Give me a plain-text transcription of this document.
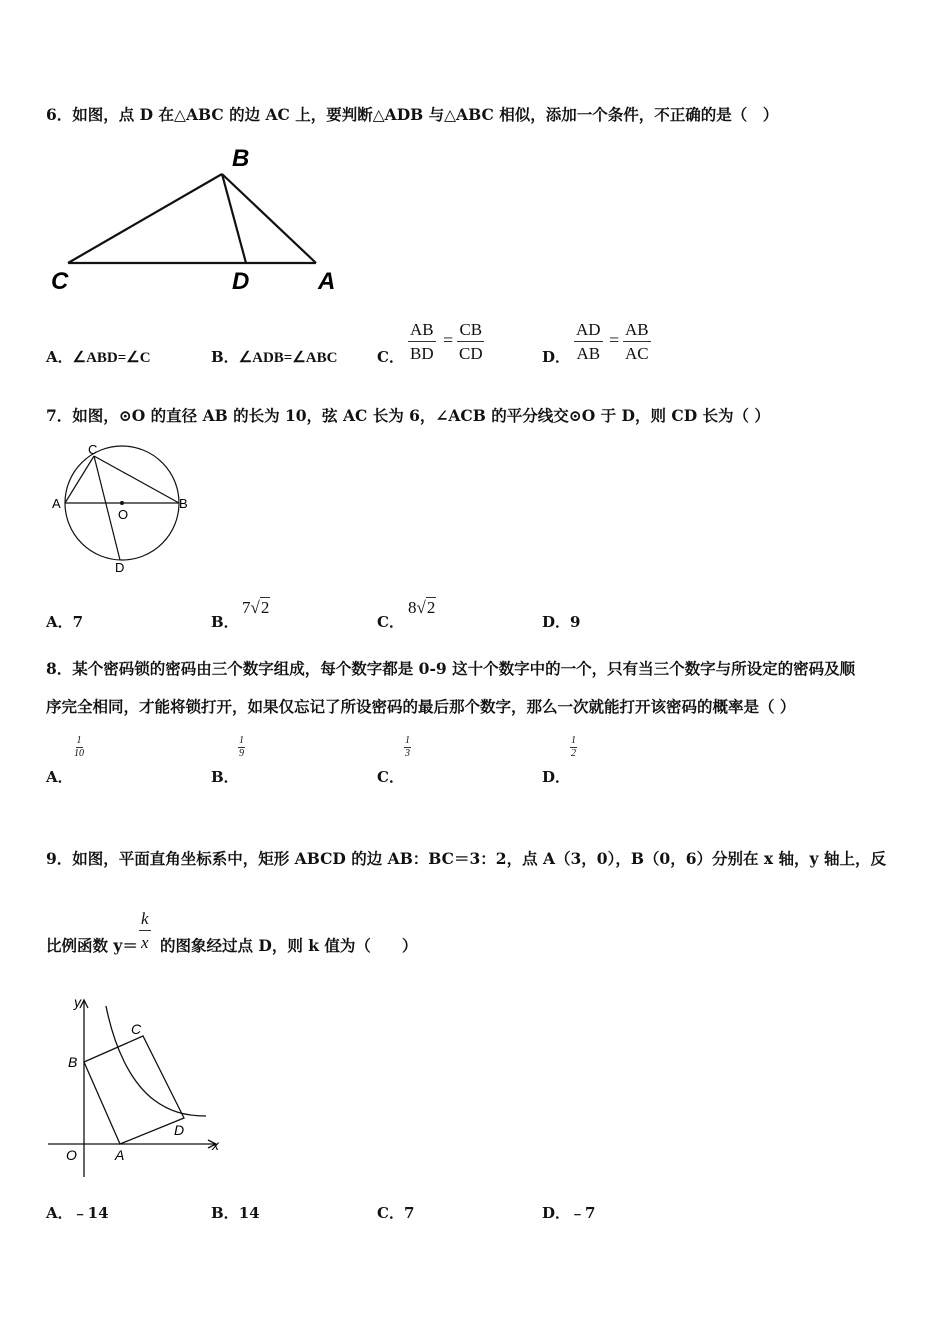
6．如图，点 D 在△ABC 的边 AC 上，要判断△ADB 与△ABC 相似，添加一个条件，不正确的是（　）
B
C	D	A
A．∠ABD=∠C	B．∠ADB=∠ABC	C． $\frac{AB}{BD} = \frac{CB}{CD}$	D． $\frac{AD}{AB} = \frac{AB}{AC}$
7．如图，⊙O 的直径 AB 的长为 10，弦 AC 长为 6，∠ACB 的平分线交⊙O 于 D，则 CD 长为（ ）
C
A
O
B
D
A．7	B．
7√2
C．
8√2
D．9
8．某个密码锁的密码由三个数字组成，每个数字都是 0-9 这十个数字中的一个，只有当三个数字与所设定的密码及顺
序完全相同，才能将锁打开，如果仅忘记了所设密码的最后那个数字，那么一次就能打开该密码的概率是（ ）
A．
$\frac{1}{10}$
B．
$\frac{1}{9}$
C．
$\frac{1}{3}$
D．
$\frac{1}{2}$
9．如图，平面直角坐标系中，矩形 ABCD 的边 AB：BC＝3：2，点 A（3，0），B（0，6）分别在 x 轴，y 轴上，反
比例函数 $y= \frac{k}{x}$ 的图象经过点 D，则 k 值为（　　）
y
C
B
D
O	A
x
A．﹣14	B．14	C．7	D．﹣7
